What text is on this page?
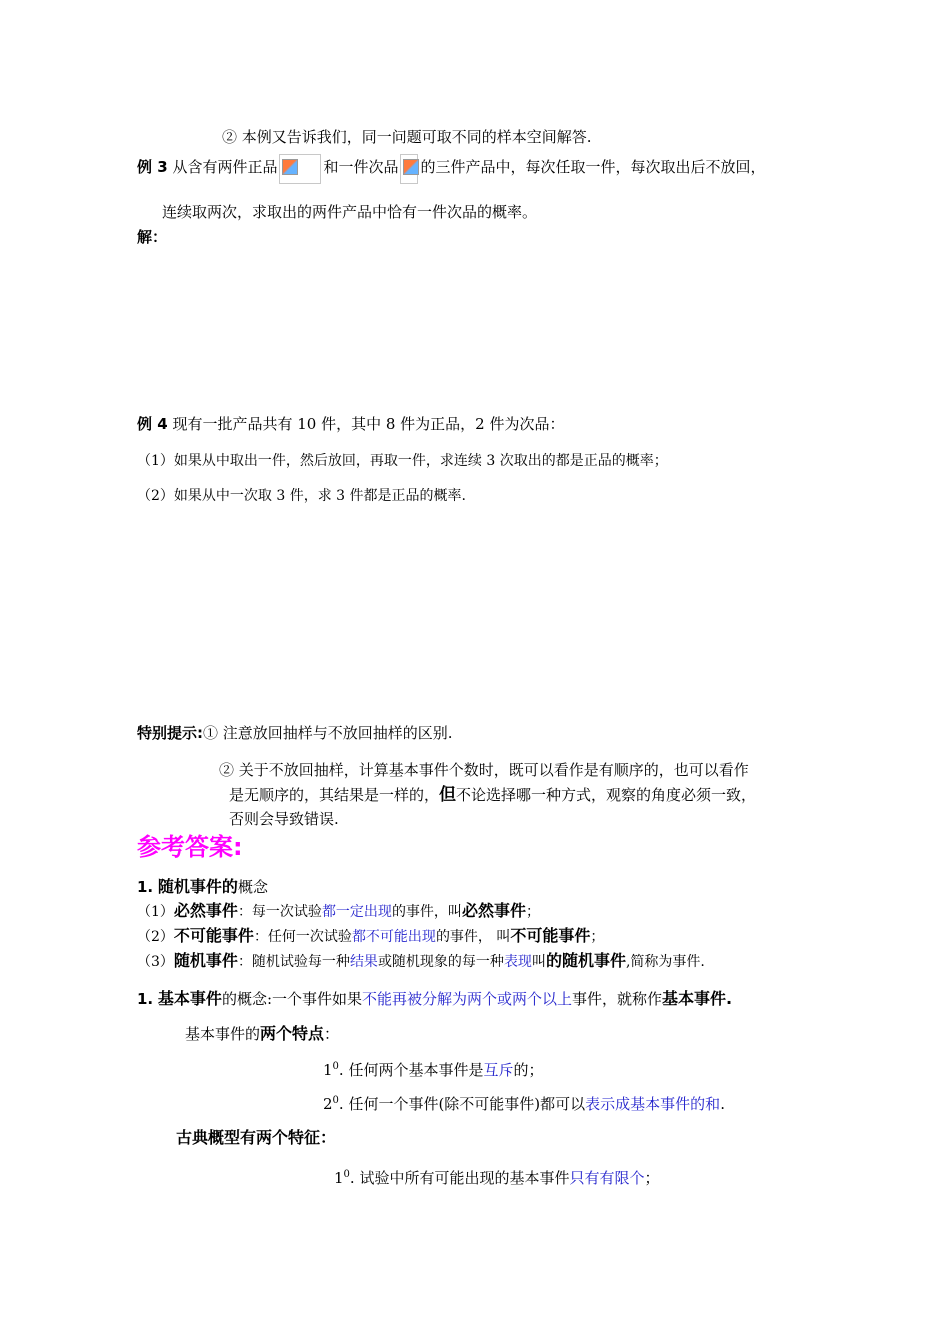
② 本例又告诉我们，同一问题可取不同的样本空间解答.
例 3 从含有两件正品	和一件次品 的三件产品中，每次任取一件，每次取出后不放回，
连续取两次，求取出的两件产品中恰有一件次品的概率。
解：
例 4 现有一批产品共有 10 件，其中 8 件为正品，2 件为次品：
（1）如果从中取出一件，然后放回，再取一件，求连续 3 次取出的都是正品的概率；
（2）如果从中一次取 3 件，求 3 件都是正品的概率.
特别提示:① 注意放回抽样与不放回抽样的区别.
② 关于不放回抽样，计算基本事件个数时，既可以看作是有顺序的，也可以看作
是无顺序的，其结果是一样的，但不论选择哪一种方式，观察的角度必须一致，
否则会导致错误.
参考答案:
1. 随机事件的概念
（1）必然事件：每一次试验都一定出现的事件，叫必然事件；
（2）不可能事件：任何一次试验都不可能出现的事件， 叫不可能事件；
（3）随机事件：随机试验每一种结果或随机现象的每一种表现叫的随机事件,简称为事件.
1. 基本事件的概念:一个事件如果不能再被分解为两个或两个以上事件，就称作基本事件.
基本事件的两个特点：
$1^0$. 任何两个基本事件是互斥的；
$2^0$. 任何一个事件(除不可能事件)都可以表示成基本事件的和.
古典概型有两个特征：
$1^0$. 试验中所有可能出现的基本事件只有有限个；
